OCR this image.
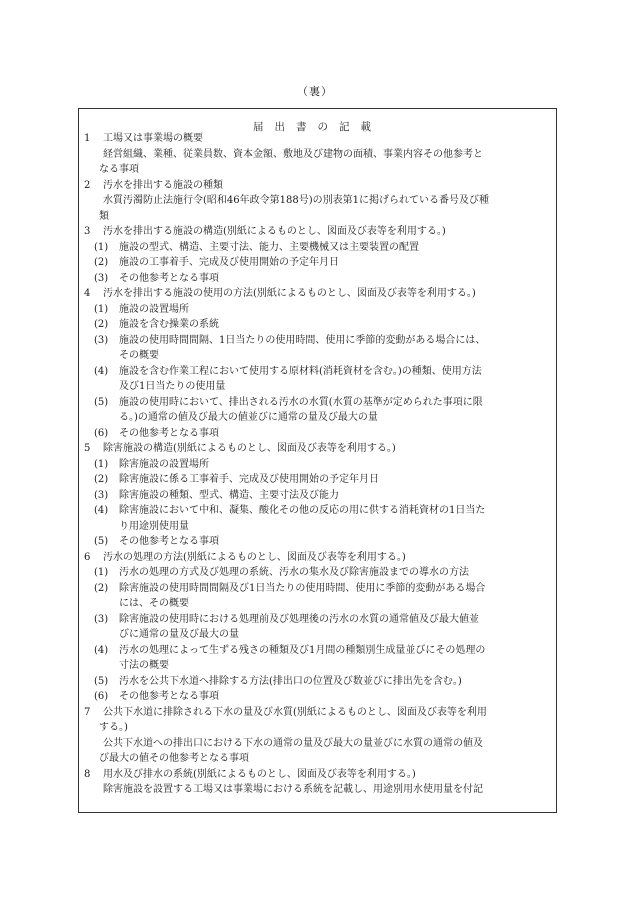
（裏）
届出書の記載
1 工場又は事業場の概要
経営組織、業種、従業員数、資本金額、敷地及び建物の面積、事業内容その他参考と
なる事項
2 汚水を排出する施設の種類
水質汚濁防止法施行令(昭和46年政令第188号)の別表第1に掲げられている番号及び種
類
3 汚水を排出する施設の構造(別紙によるものとし、図面及び表等を利用する。)
(1) 施設の型式、構造、主要寸法、能力、主要機械又は主要装置の配置
(2) 施設の工事着手、完成及び使用開始の予定年月日
(3) その他参考となる事項
4 汚水を排出する施設の使用の方法(別紙によるものとし、図面及び表等を利用する。)
(1) 施設の設置場所
(2) 施設を含む操業の系統
(3) 施設の使用時間間隔、1日当たりの使用時間、使用に季節的変動がある場合には、
その概要
(4) 施設を含む作業工程において使用する原材料(消耗資材を含む。)の種類、使用方法
及び1日当たりの使用量
(5) 施設の使用時において、排出される汚水の水質(水質の基準が定められた事項に限
る。)の通常の値及び最大の値並びに通常の量及び最大の量
(6) その他参考となる事項
5 除害施設の構造(別紙によるものとし、図面及び表等を利用する。)
(1) 除害施設の設置場所
(2) 除害施設に係る工事着手、完成及び使用開始の予定年月日
(3) 除害施設の種類、型式、構造、主要寸法及び能力
(4) 除害施設において中和、凝集、酸化その他の反応の用に供する消耗資材の1日当た
り用途別使用量
(5) その他参考となる事項
6 汚水の処理の方法(別紙によるものとし、図面及び表等を利用する。)
(1) 汚水の処理の方式及び処理の系統、汚水の集水及び除害施設までの導水の方法
(2) 除害施設の使用時間間隔及び1日当たりの使用時間、使用に季節的変動がある場合
には、その概要
(3) 除害施設の使用時における処理前及び処理後の汚水の水質の通常値及び最大値並
びに通常の量及び最大の量
(4) 汚水の処理によって生ずる残さの種類及び1月間の種類別生成量並びにその処理の
寸法の概要
(5) 汚水を公共下水道へ排除する方法(排出口の位置及び数並びに排出先を含む。)
(6) その他参考となる事項
7 公共下水道に排除される下水の量及び水質(別紙によるものとし、図面及び表等を利用
する。)
公共下水道への排出口における下水の通常の量及び最大の量並びに水質の通常の値及
び最大の値その他参考となる事項
8 用水及び排水の系統(別紙によるものとし、図面及び表等を利用する。)
除害施設を設置する工場又は事業場における系統を記載し、用途別用水使用量を付記
